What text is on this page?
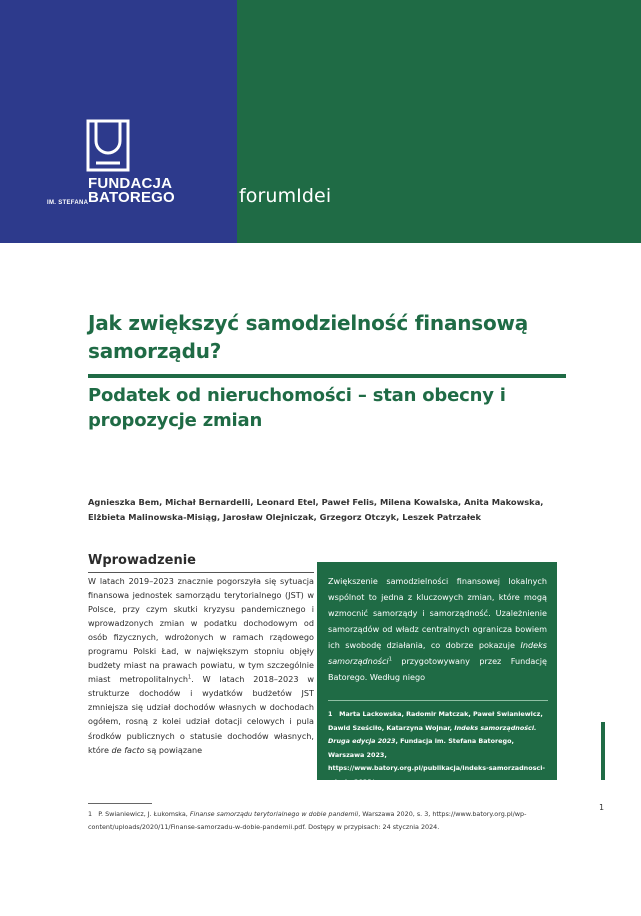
FUNDACJA
BATOREGO
IM. STEFANA	forumIdei
Jak zwiększyć samodzielność finansową samorządu?
Podatek od nieruchomości – stan obecny i propozycje zmian
Agnieszka Bem, Michał Bernardelli, Leonard Etel, Paweł Felis, Milena Kowalska, Anita Makowska,
Elżbieta Malinowska-Misiąg, Jarosław Olejniczak, Grzegorz Otczyk, Leszek Patrzałek
Wprowadzenie

W latach 2019–2023 znacznie pogorszyła się sytuacja finansowa jednostek samorządu terytorialnego (JST) w Polsce, przy czym skutki kryzysu pandemicznego i wprowadzonych zmian w podatku dochodowym od osób fizycznych, wdrożonych w ramach rządowego programu Polski Ład, w największym stopniu objęły budżety miast na prawach powiatu, w tym szczególnie miast metropolitalnych$^1$. W latach 2018–2023 w strukturze dochodów i wydatków budżetów JST zmniejsza się udział dochodów własnych w dochodach ogółem, rosną z kolei udział dotacji celowych i pula środków publicznych o statusie dochodów własnych, które de facto są powiązane

Zwiększenie samodzielności finansowej lokalnych wspólnot to jedna z kluczowych zmian, które mogą wzmocnić samorządy i samorządność. Uzależnienie samorządów od władz centralnych ogranicza bowiem ich swobodę działania, co dobrze pokazuje Indeks samorządności$^1$ przygotowywany przez Fundację Batorego. Według niego

1 Marta Lackowska, Radomir Matczak, Paweł Swianiewicz, Dawid Sześciło, Katarzyna Wojnar, Indeks samorządności. Druga edycja 2023, Fundacja im. Stefana Batorego, Warszawa 2023, https://www.batory.org.pl/publikacja/indeks-samorzadnosci-edycja-2023/.

1

1 P. Swianiewicz, J. Łukomska, Finanse samorządu terytorialnego w dobie pandemii, Warszawa 2020, s. 3, https://www.batory.org.pl/wp-content/uploads/2020/11/Finanse-samorzadu-w-dobie-pandemii.pdf. Dostępy w przypisach: 24 stycznia 2024.
